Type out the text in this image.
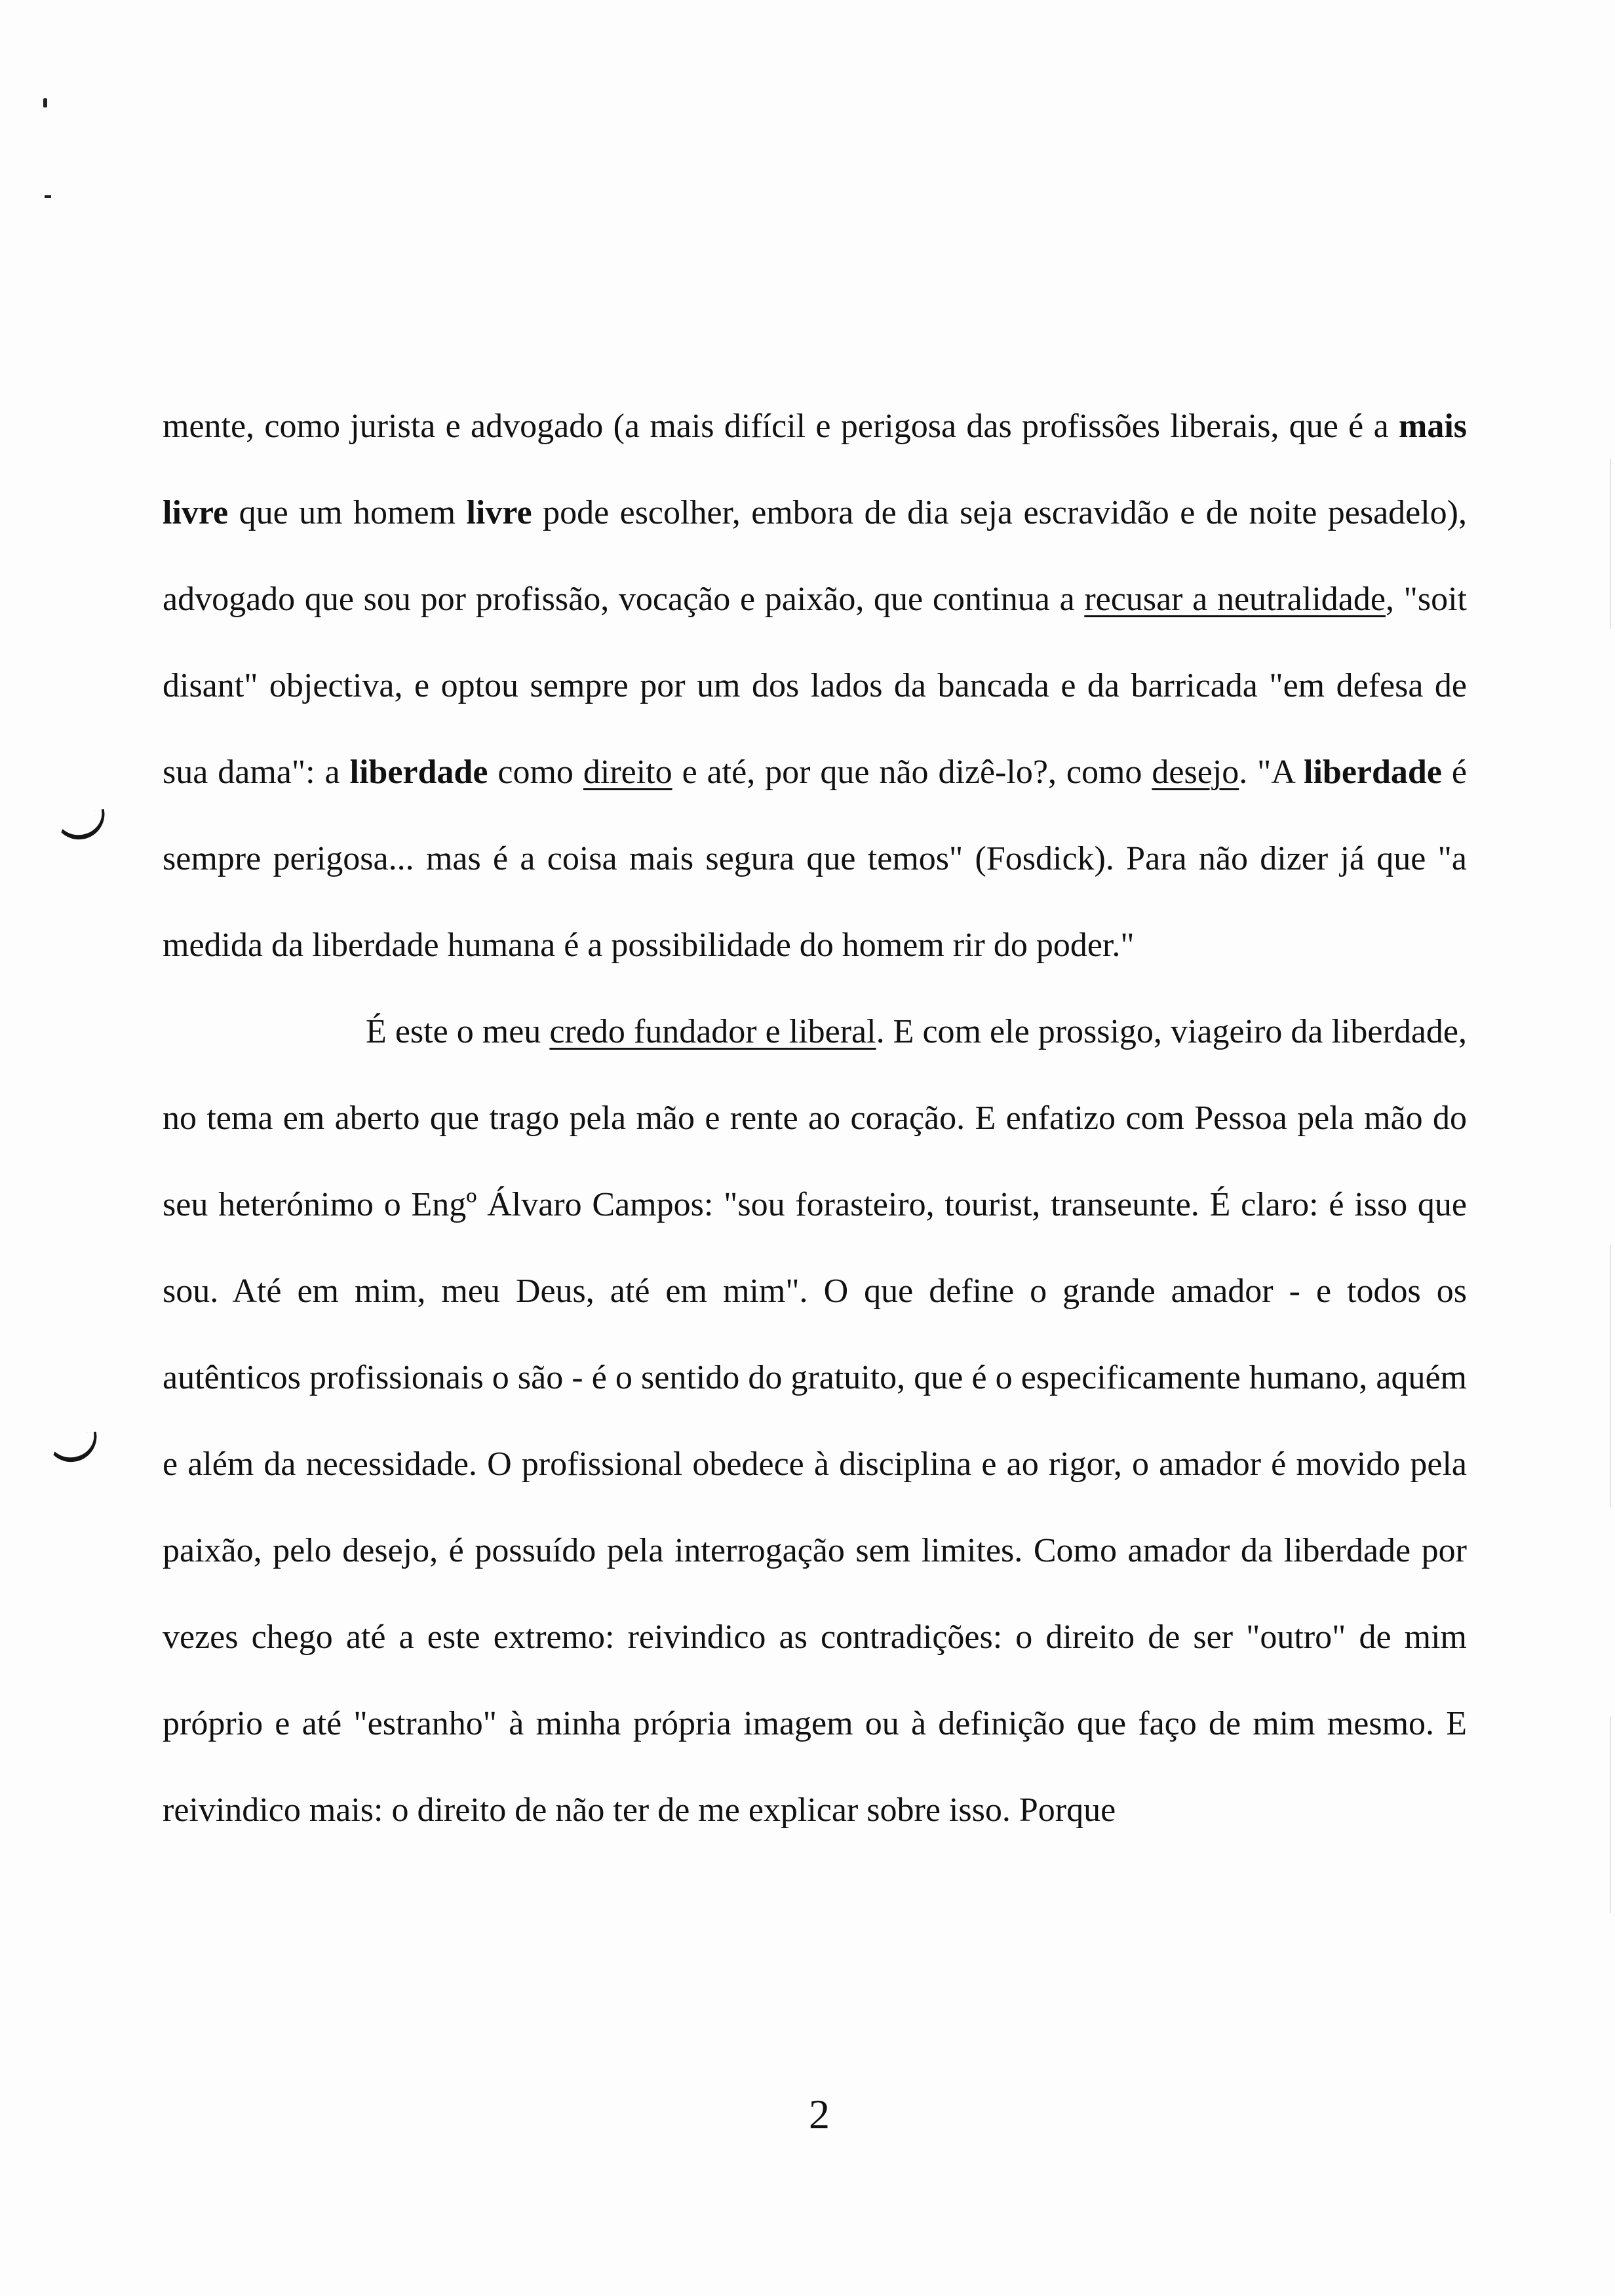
mente, como jurista e advogado (a mais difícil e perigosa das profissões liberais, que é a mais livre que um homem livre pode escolher, embora de dia seja escravidão e de noite pesadelo), advogado que sou por profissão, vocação e paixão, que continua a recusar a neutralidade, "soit disant" objectiva, e optou sempre por um dos lados da bancada e da barricada "em defesa de sua dama": a liberdade como direito e até, por que não dizê-lo?, como desejo. "A liberdade é sempre perigosa... mas é a coisa mais segura que temos" (Fosdick). Para não dizer já que "a medida da liberdade humana é a possibilidade do homem rir do poder."

É este o meu credo fundador e liberal. E com ele prossigo, viageiro da liberdade, no tema em aberto que trago pela mão e rente ao coração. E enfatizo com Pessoa pela mão do seu heterónimo o Engº Álvaro Campos: "sou forasteiro, tourist, transeunte. É claro: é isso que sou. Até em mim, meu Deus, até em mim". O que define o grande amador - e todos os autênticos profissionais o são - é o sentido do gratuito, que é o especificamente humano, aquém e além da necessidade. O profissional obedece à disciplina e ao rigor, o amador é movido pela paixão, pelo desejo, é possuído pela interrogação sem limites. Como amador da liberdade por vezes chego até a este extremo: reivindico as contradições: o direito de ser "outro" de mim próprio e até "estranho" à minha própria imagem ou à definição que faço de mim mesmo. E reivindico mais: o direito de não ter de me explicar sobre isso. Porque

2
